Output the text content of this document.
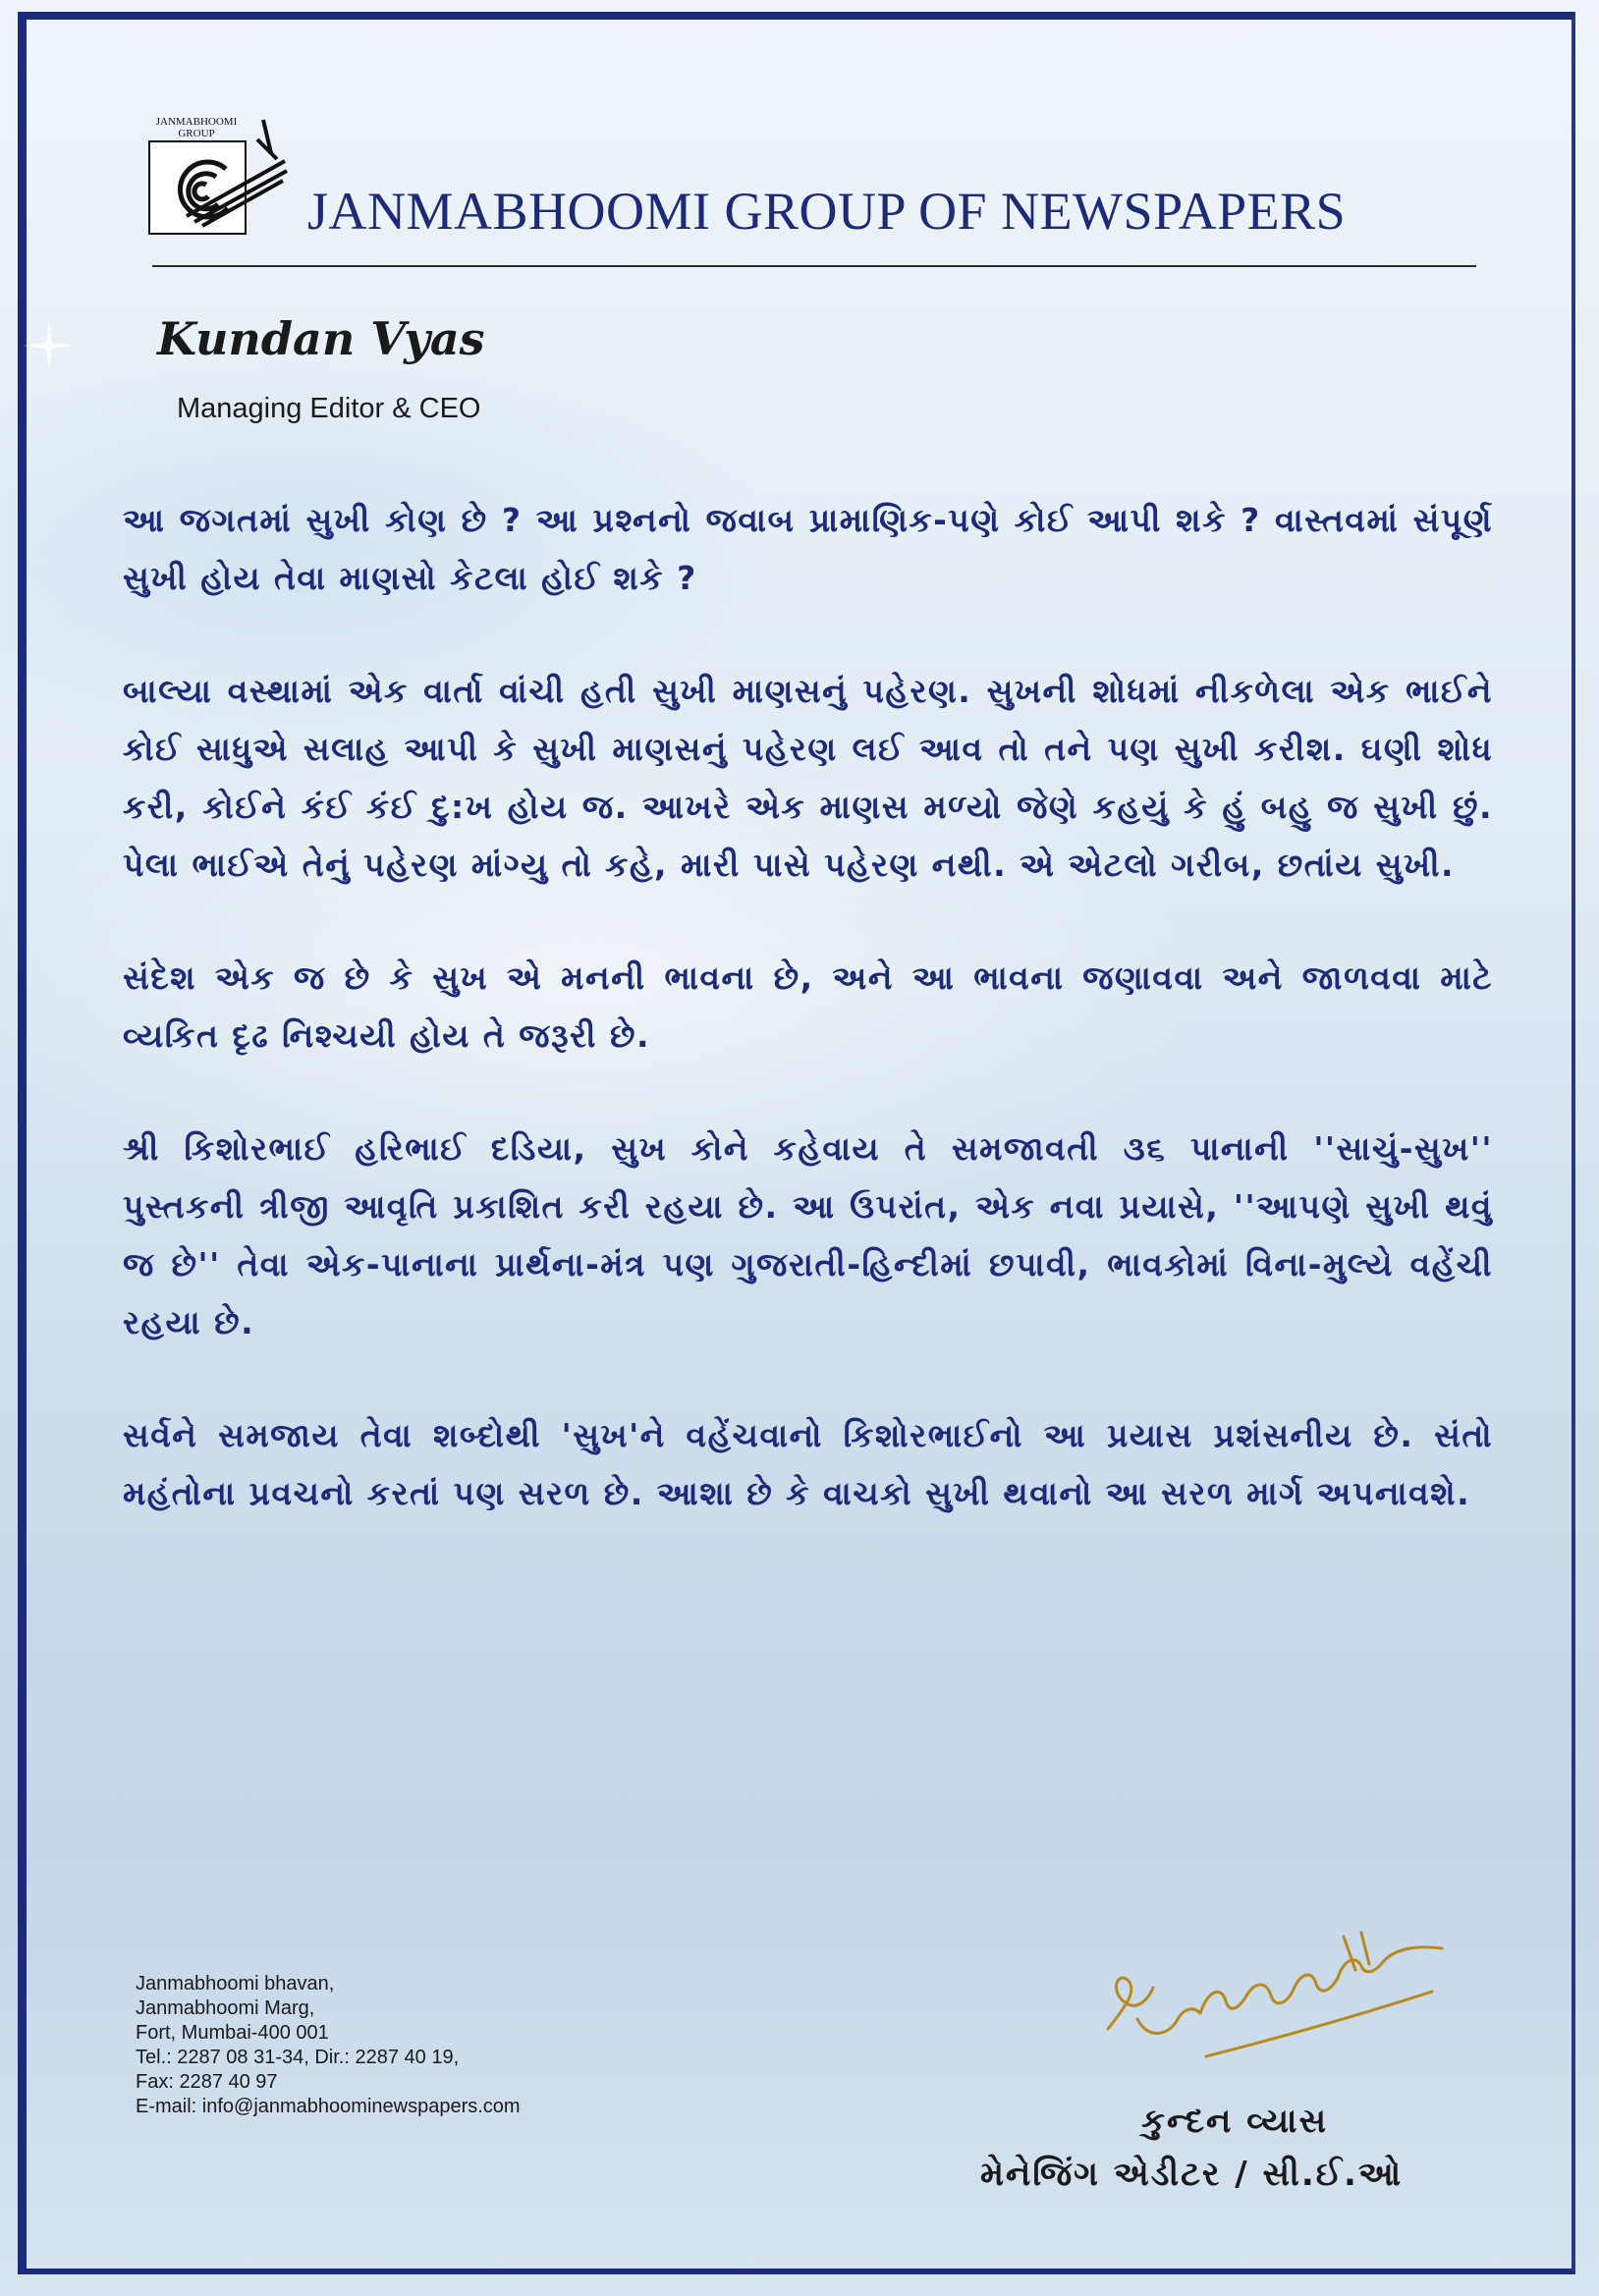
JANMABHOOMI GROUP
JANMABHOOMI GROUP OF NEWSPAPERS
Kundan Vyas
Managing Editor & CEO

આ જગતમાં સુખી કોણ છે ? આ પ્રશ્નનો જવાબ પ્રામાણિક-પણે કોઈ આપી શકે ? વાસ્તવમાં સંપૂર્ણ સુખી હોય તેવા માણસો કેટલા હોઈ શકે ?

બાલ્યા વસ્થામાં એક વાર્તા વાંચી હતી સુખી માણસનું પહેરણ. સુખની શોધમાં નીકળેલા એક ભાઈને કોઈ સાધુએ સલાહ આપી કે સુખી માણસનું પહેરણ લઈ આવ તો તને પણ સુખી કરીશ. ઘણી શોધ કરી, કોઈને કંઈ કંઈ દુ:ખ હોય જ. આખરે એક માણસ મળ્યો જેણે કહયું કે હું બહુ જ સુખી છું. પેલા ભાઈએ તેનું પહેરણ માંગ્યુ તો કહે, મારી પાસે પહેરણ નથી. એ એટલો ગરીબ, છતાંય સુખી.

સંદેશ એક જ છે કે સુખ એ મનની ભાવના છે, અને આ ભાવના જણાવવા અને જાળવવા માટે વ્યકિત દૃઢ નિશ્ચયી હોય તે જરૂરી છે.

શ્રી કિશોરભાઈ હરિભાઈ દડિયા, સુખ કોને કહેવાય તે સમજાવતી ૩૬ પાનાની ''સાચું-સુખ'' પુસ્તકની ત્રીજી આવૃતિ પ્રકાશિત કરી રહયા છે. આ ઉપરાંત, એક નવા પ્રયાસે, ''આપણે સુખી થવું જ છે'' તેવા એક-પાનાના પ્રાર્થના-મંત્ર પણ ગુજરાતી-હિન્દીમાં છપાવી, ભાવકોમાં વિના-મુલ્યે વહેંચી રહયા છે.

સર્વને સમજાય તેવા શબ્દોથી 'સુખ'ને વહેંચવાનો કિશોરભાઈનો આ પ્રયાસ પ્રશંસનીય છે. સંતો મહંતોના પ્રવચનો કરતાં પણ સરળ છે. આશા છે કે વાચકો સુખી થવાનો આ સરળ માર્ગ અપનાવશે.

Janmabhoomi bhavan,
Janmabhoomi Marg,
Fort, Mumbai-400 001
Tel.: 2287 08 31-34, Dir.: 2287 40 19,
Fax: 2287 40 97
E-mail: info@janmabhoominewspapers.com	કુન્દન વ્યાસ
મેનેજિંગ એડીટર / સી.ઈ.ઓ
